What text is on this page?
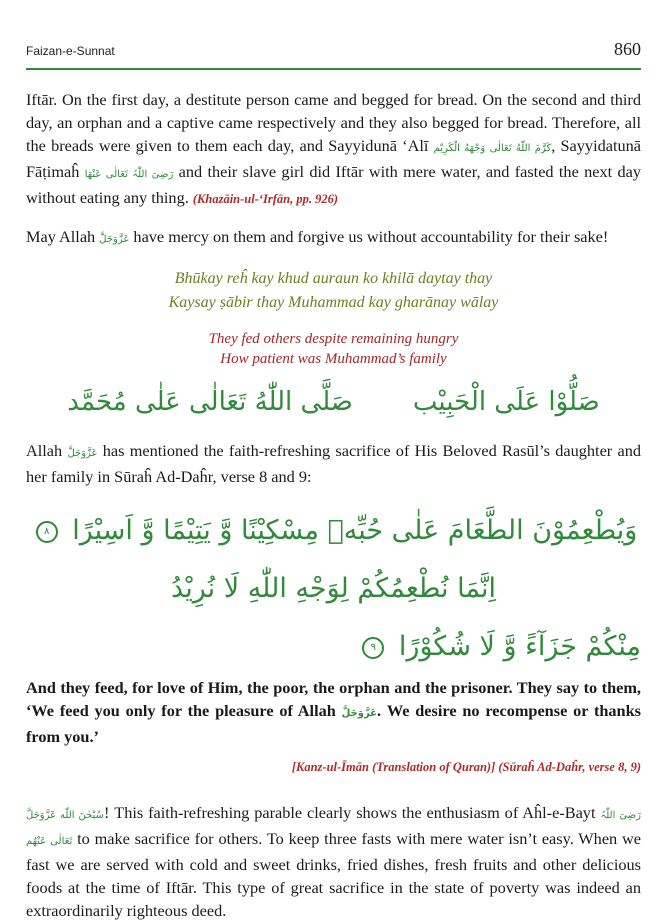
Faizan-e-Sunnat	860

Iftār. On the first day, a destitute person came and begged for bread. On the second and third day, an orphan and a captive came respectively and they also begged for bread. Therefore, all the breads were given to them each day, and Sayyidunā ‘Alī كَرَّمَ اللّٰهُ تَعَالٰی وَجْهَهُ الْكَرِيْم, Sayyidatunā Fāṭimaĥ رَضِیَ اللّٰہُ تَعَالٰی عَنْهَا and their slave girl did Iftār with mere water, and fasted the next day without eating any thing. (Khazāin-ul-‘Irfān, pp. 926)

May Allah عَزَّوَجَلَّ have mercy on them and forgive us without accountability for their sake!

Bhūkay reĥ kay khud auraun ko khilā daytay thay
Kaysay ṣābir thay Muhammad kay gharānay wālay
They fed others despite remaining hungry
How patient was Muhammad’s family
صَلُّوْا عَلَى الْحَبِيْب
صَلَّى اللّٰهُ تَعَالٰى عَلٰى مُحَمَّد

Allah عَزَّوَجَلَّ has mentioned the faith-refreshing sacrifice of His Beloved Rasūl’s daughter and her family in Sūraĥ Ad-Daĥr, verse 8 and 9:

وَيُطْعِمُوْنَ الطَّعَامَ عَلٰى حُبِّهٖ مِسْكِيْنًا وَّ يَتِيْمًا وَّ اَسِيْرًا ٨ اِنَّمَا نُطْعِمُكُمْ لِوَجْهِ اللّٰهِ لَا نُرِيْدُ
مِنْكُمْ جَزَآءً وَّ لَا شُكُوْرًا ٩

And they feed, for love of Him, the poor, the orphan and the prisoner. They say to them, ‘We feed you only for the pleasure of Allah عَزَّوَجَلَّ. We desire no recompense or thanks from you.’

[Kanz-ul-Īmān (Translation of Quran)] (Sūraĥ Ad-Daĥr, verse 8, 9)

سُبْحٰنَ اللّٰه عَزَّوَجَلَّ! This faith-refreshing parable clearly shows the enthusiasm of Aĥl-e-Bayt رَضِیَ اللّٰہُ تَعَالٰی عَنْهُم to make sacrifice for others. To keep three fasts with mere water isn’t easy. When we fast we are served with cold and sweet drinks, fried dishes, fresh fruits and other delicious foods at the time of Iftār. This type of great sacrifice in the state of poverty was indeed an extraordinarily righteous deed.
